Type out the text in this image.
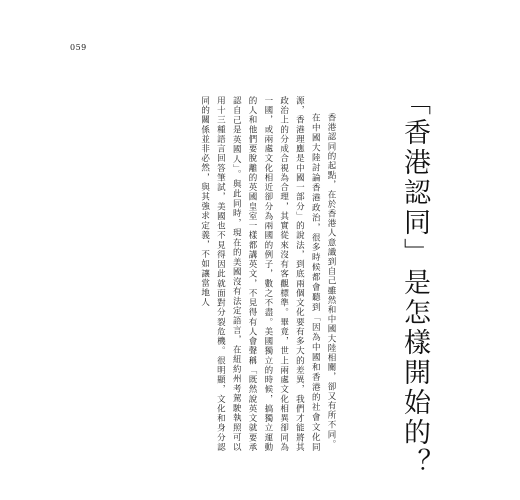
059
「香港認同」是怎樣開始的？

香港認同的起點，在於香港人意識到自己雖然和中國大陸相關，卻又有所不同。

在中國大陸討論香港政治，很多時候都會聽到「因為中國和香港的社會文化同源，香港理應是中國一部分」的說法，到底兩個文化要有多大的差異，我們才能將其政治上的分成合視為合理，其實從來沒有客觀標準。畢竟，世上兩處文化相異卻同為一國，或兩處文化相近卻分為兩國的例子，數之不盡。美國獨立的時候，搞獨立運動的人和他們要脫離的英國皇室一樣都講英文，不見得有人會聲稱「既然說英文就要承認自己是英國人」。與此同時，現在的美國沒有法定語言，在紐約州考駕駛執照可以用十三種語言回答筆試，美國也不見得因此就面對分裂危機。很明顯，文化和身分認同的關係並非必然，與其強求定義，不如讓當地人
